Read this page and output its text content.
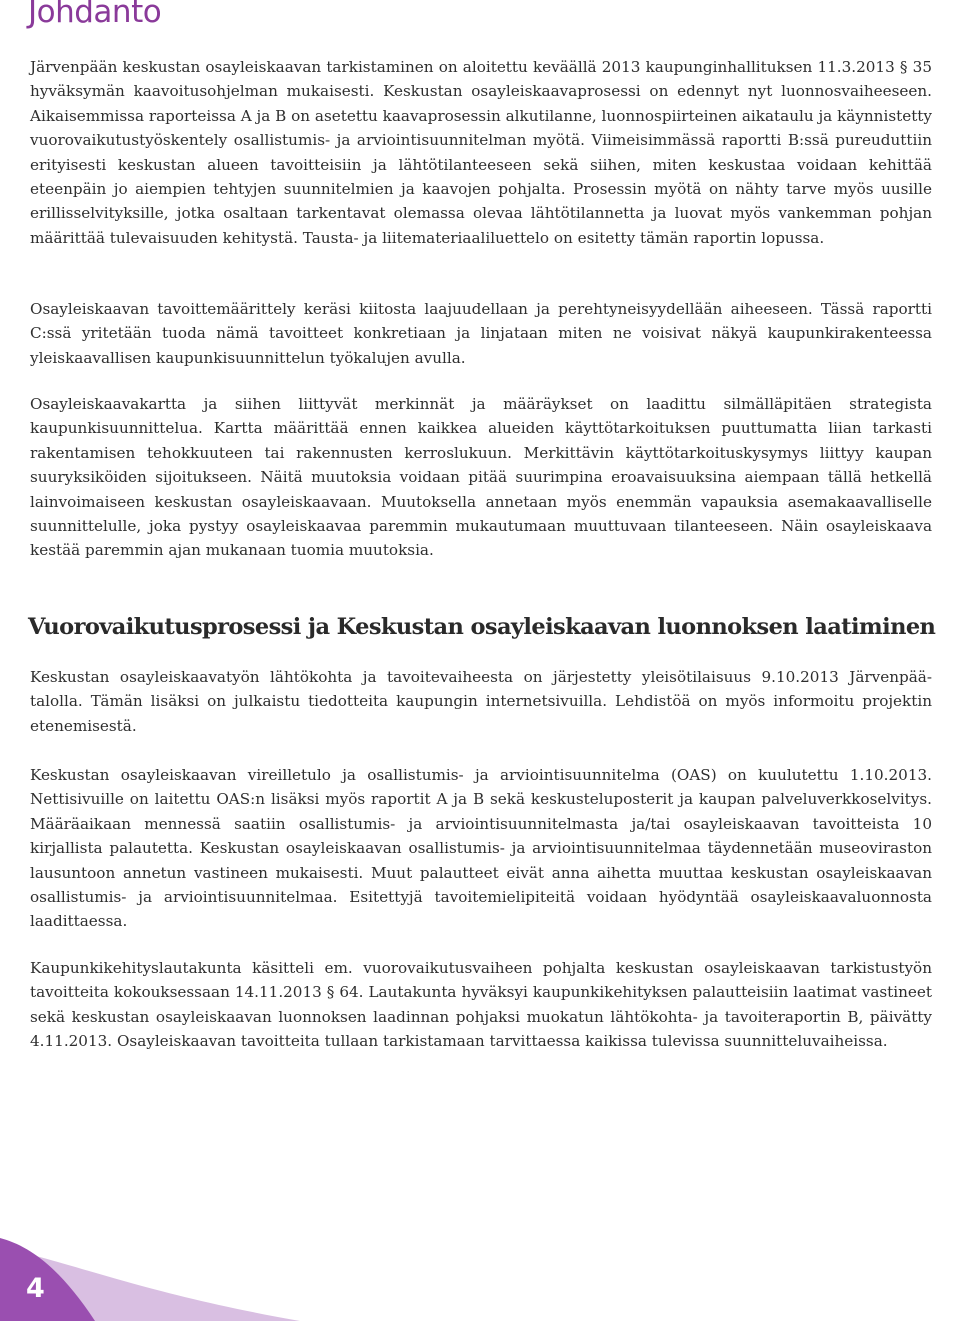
Johdanto

Järvenpään keskustan osayleiskaavan tarkistaminen on aloitettu keväällä 2013 kaupunginhallituksen 11.3.2013 § 35 hyväksymän kaavoitusohjelman mukaisesti. Keskustan osayleiskaavaprosessi on edennyt nyt luonnosvaiheeseen. Aikaisemmissa raporteissa A ja B on asetettu kaavaprosessin alkutilanne, luonnospiirteinen aikataulu ja käynnistetty vuorovaikutustyöskentely osallistumis- ja arviointisuunnitelman myötä. Viimeisimmässä raportti B:ssä pureuduttiin erityisesti keskustan alueen tavoitteisiin ja lähtötilanteeseen sekä siihen, miten keskustaa voidaan kehittää eteenpäin jo aiempien tehtyjen suunnitelmien ja kaavojen pohjalta. Prosessin myötä on nähty tarve myös uusille erillisselvityksille, jotka osaltaan tarkentavat olemassa olevaa lähtötilannetta ja luovat myös vankemman pohjan määrittää tulevaisuuden kehitystä. Tausta- ja liitemateriaaliluettelo on esitetty tämän raportin lopussa.

Osayleiskaavan tavoittemäärittely keräsi kiitosta laajuudellaan ja perehtyneisyydellään aiheeseen. Tässä raportti C:ssä yritetään tuoda nämä tavoitteet konkretiaan ja linjataan miten ne voisivat näkyä kaupunkirakenteessa yleiskaavallisen kaupunkisuunnittelun työkalujen avulla.

Osayleiskaavakartta ja siihen liittyvät merkinnät ja määräykset on laadittu silmälläpitäen strategista kaupunkisuunnittelua. Kartta määrittää ennen kaikkea alueiden käyttötarkoituksen puuttumatta liian tarkasti rakentamisen tehokkuuteen tai rakennusten kerroslukuun. Merkittävin käyttötarkoituskysymys liittyy kaupan suuryksiköiden sijoitukseen. Näitä muutoksia voidaan pitää suurimpina eroavaisuuksina aiempaan tällä hetkellä lainvoimaiseen keskustan osayleiskaavaan. Muutoksella annetaan myös enemmän vapauksia asemakaavalliselle suunnittelulle, joka pystyy osayleiskaavaa paremmin mukautumaan muuttuvaan tilanteeseen. Näin osayleiskaava kestää paremmin ajan mukanaan tuomia muutoksia.

Vuorovaikutusprosessi ja Keskustan osayleiskaavan luonnoksen laatiminen

Keskustan osayleiskaavatyön lähtökohta ja tavoitevaiheesta on järjestetty yleisötilaisuus 9.10.2013 Järvenpää- talolla. Tämän lisäksi on julkaistu tiedotteita kaupungin internetsivuilla. Lehdistöä on myös informoitu projektin etenemisestä.

Keskustan osayleiskaavan vireilletulo ja osallistumis- ja arviointisuunnitelma (OAS) on kuulutettu 1.10.2013. Nettisivuille on laitettu OAS:n lisäksi myös raportit A ja B sekä keskusteluposterit ja kaupan palveluverkkoselvitys. Määräaikaan mennessä saatiin osallistumis- ja arviointisuunnitelmasta ja/tai osayleiskaavan tavoitteista 10 kirjallista palautetta. Keskustan osayleiskaavan osallistumis- ja arviointisuunnitelmaa täydennetään museoviraston lausuntoon annetun vastineen mukaisesti. Muut palautteet eivät anna aihetta muuttaa keskustan osayleiskaavan osallistumis- ja arviointisuunnitelmaa. Esitettyjä tavoitemielipiteitä voidaan hyödyntää osayleiskaavaluonnosta laadittaessa.

Kaupunkikehityslautakunta käsitteli em. vuorovaikutusvaiheen pohjalta keskustan osayleiskaavan tarkistustyön tavoitteita kokouksessaan 14.11.2013 § 64. Lautakunta hyväksyi kaupunkikehityksen palautteisiin laatimat vastineet sekä keskustan osayleiskaavan luonnoksen laadinnan pohjaksi muokatun lähtökohta- ja tavoiteraportin B, päivätty 4.11.2013. Osayleiskaavan tavoitteita tullaan tarkistamaan tarvittaessa kaikissa tulevissa suunnitteluvaiheissa.

4
